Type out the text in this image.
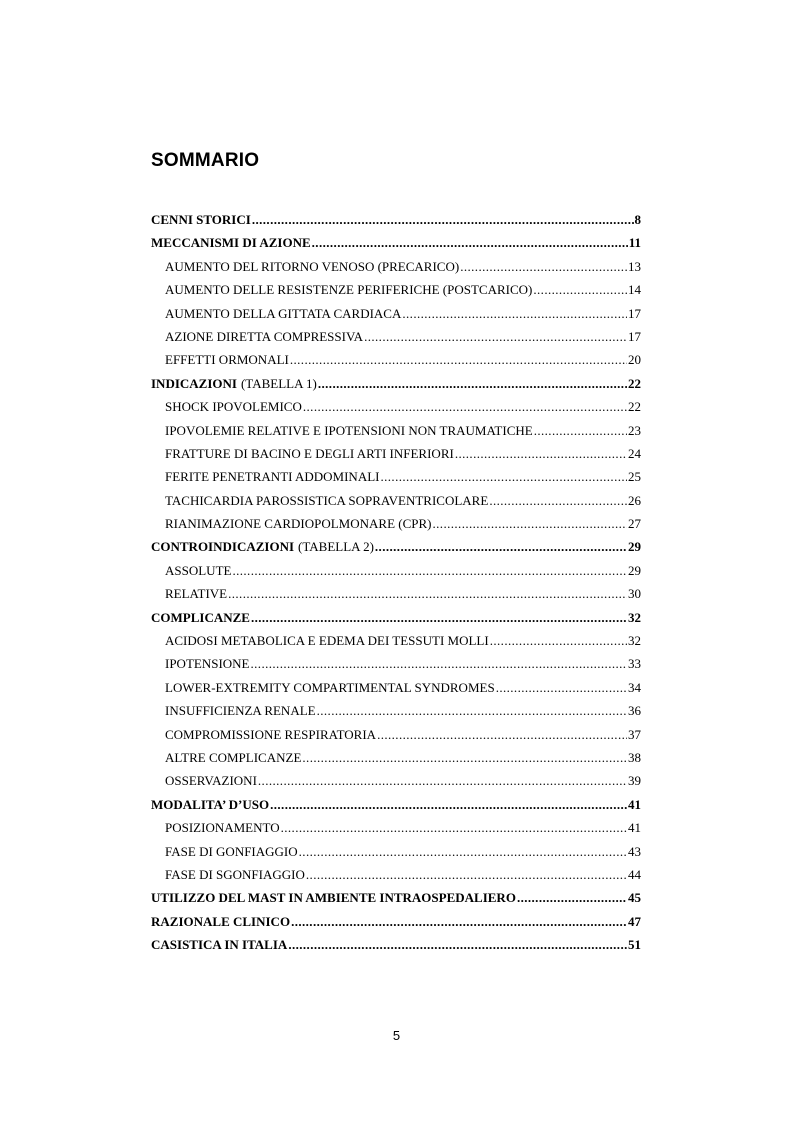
SOMMARIO
CENNI STORICI .....	8
MECCANISMI DI AZIONE .....	11
AUMENTO DEL RITORNO VENOSO (PRECARICO) .....	13
AUMENTO DELLE RESISTENZE PERIFERICHE (POSTCARICO) .....	14
AUMENTO DELLA GITTATA CARDIACA .....	17
AZIONE DIRETTA COMPRESSIVA .....	17
EFFETTI ORMONALI .....	20
INDICAZIONI (TABELLA 1) .....	22
SHOCK IPOVOLEMICO .....	22
IPOVOLEMIE RELATIVE E IPOTENSIONI NON TRAUMATICHE .....	23
FRATTURE DI BACINO E DEGLI ARTI INFERIORI .....	24
FERITE PENETRANTI ADDOMINALI .....	25
TACHICARDIA PAROSSISTICA SOPRAVENTRICOLARE .....	26
RIANIMAZIONE CARDIOPOLMONARE (CPR) .....	27
CONTROINDICAZIONI (TABELLA 2) .....	29
ASSOLUTE .....	29
RELATIVE .....	30
COMPLICANZE .....	32
ACIDOSI METABOLICA E EDEMA DEI TESSUTI MOLLI .....	32
IPOTENSIONE .....	33
LOWER-EXTREMITY COMPARTIMENTAL SYNDROMES .....	34
INSUFFICIENZA RENALE .....	36
COMPROMISSIONE RESPIRATORIA .....	37
ALTRE COMPLICANZE .....	38
OSSERVAZIONI .....	39
MODALITA’ D’USO .....	41
POSIZIONAMENTO .....	41
FASE DI GONFIAGGIO .....	43
FASE DI SGONFIAGGIO .....	44
UTILIZZO DEL MAST IN AMBIENTE INTRAOSPEDALIERO .....	45
RAZIONALE CLINICO .....	47
CASISTICA IN ITALIA .....	51
5
